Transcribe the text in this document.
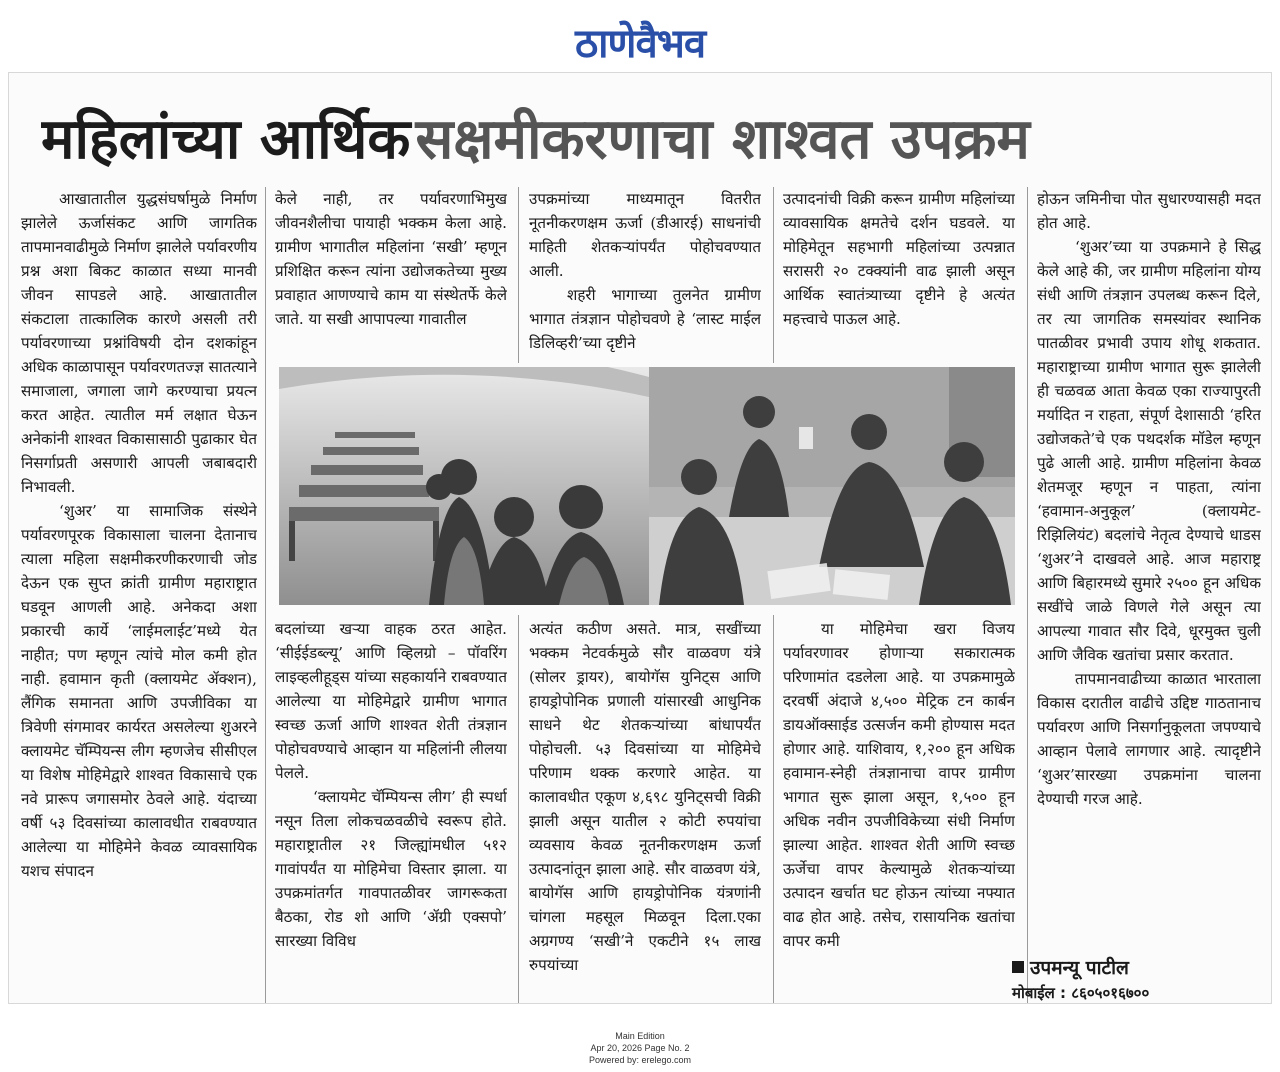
ठाणेवैभव
महिलांच्या आर्थिक सक्षमीकरणाचा शाश्वत उपक्रम

आखातातील युद्धसंघर्षामुळे निर्माण झालेले ऊर्जासंकट आणि जागतिक तापमानवाढीमुळे निर्माण झालेले पर्यावरणीय प्रश्न अशा बिकट काळात सध्या मानवी जीवन सापडले आहे. आखातातील संकटाला तात्कालिक कारणे असली तरी पर्यावरणाच्या प्रश्नांविषयी दोन दशकांहून अधिक काळापासून पर्यावरणतज्ज्ञ सातत्याने समाजाला, जगाला जागे करण्याचा प्रयत्न करत आहेत. त्यातील मर्म लक्षात घेऊन अनेकांनी शाश्वत विकासासाठी पुढाकार घेत निसर्गाप्रती असणारी आपली जबाबदारी निभावली.

‘शुअर’ या सामाजिक संस्थेने पर्यावरणपूरक विकासाला चालना देतानाच त्याला महिला सक्षमीकरणीकरणाची जोड देऊन एक सुप्त क्रांती ग्रामीण महाराष्ट्रात घडवून आणली आहे. अनेकदा अशा प्रकारची कार्ये ‘लाईमलाईट’मध्ये येत नाहीत; पण म्हणून त्यांचे मोल कमी होत नाही. हवामान कृती (क्लायमेट ॲक्शन), लैंगिक समानता आणि उपजीविका या त्रिवेणी संगमावर कार्यरत असलेल्या शुअरने क्लायमेट चॅम्पियन्स लीग म्हणजेच सीसीएल या विशेष मोहिमेद्वारे शाश्वत विकासाचे एक नवे प्रारूप जगासमोर ठेवले आहे. यंदाच्या वर्षी ५३ दिवसांच्या कालावधीत राबवण्यात आलेल्या या मोहिमेने केवळ व्यावसायिक यशच संपादन

केले नाही, तर पर्यावरणाभिमुख जीवनशैलीचा पायाही भक्कम केला आहे. ग्रामीण भागातील महिलांना ‘सखी’ म्हणून प्रशिक्षित करून त्यांना उद्योजकतेच्या मुख्य प्रवाहात आणण्याचे काम या संस्थेतर्फे केले जाते. या सखी आपापल्या गावातील

उपक्रमांच्या माध्यमातून वितरीत नूतनीकरणक्षम ऊर्जा (डीआरई) साधनांची माहिती शेतकऱ्यांपर्यंत पोहोचवण्यात आली.

शहरी भागाच्या तुलनेत ग्रामीण भागात तंत्रज्ञान पोहोचवणे हे ‘लास्ट माईल डिलिव्हरी’च्या दृष्टीने

उत्पादनांची विक्री करून ग्रामीण महिलांच्या व्यावसायिक क्षमतेचे दर्शन घडवले. या मोहिमेतून सहभागी महिलांच्या उत्पन्नात सरासरी २० टक्क्यांनी वाढ झाली असून आर्थिक स्वातंत्र्याच्या दृष्टीने हे अत्यंत महत्त्वाचे पाऊल आहे.

बदलांच्या खऱ्या वाहक ठरत आहेत. ‘सीईईडब्ल्यू’ आणि व्हिलग्रो – पॉवरिंग लाइव्हलीहूड्स यांच्या सहकार्याने राबवण्यात आलेल्या या मोहिमेद्वारे ग्रामीण भागात स्वच्छ ऊर्जा आणि शाश्वत शेती तंत्रज्ञान पोहोचवण्याचे आव्हान या महिलांनी लीलया पेलले.

‘क्लायमेट चॅम्पियन्स लीग’ ही स्पर्धा नसून तिला लोकचळवळीचे स्वरूप होते. महाराष्ट्रातील २१ जिल्ह्यांमधील ५१२ गावांपर्यंत या मोहिमेचा विस्तार झाला. या उपक्रमांतर्गत गावपातळीवर जागरूकता बैठका, रोड शो आणि ‘ॲग्री एक्सपो’ सारख्या विविध

अत्यंत कठीण असते. मात्र, सखींच्या भक्कम नेटवर्कमुळे सौर वाळवण यंत्रे (सोलर ड्रायर), बायोगॅस युनिट्स आणि हायड्रोपोनिक प्रणाली यांसारखी आधुनिक साधने थेट शेतकऱ्यांच्या बांधापर्यंत पोहोचली. ५३ दिवसांच्या या मोहिमेचे परिणाम थक्क करणारे आहेत. या कालावधीत एकूण ४,६९८ युनिट्सची विक्री झाली असून यातील २ कोटी रुपयांचा व्यवसाय केवळ नूतनीकरणक्षम ऊर्जा उत्पादनांतून झाला आहे. सौर वाळवण यंत्रे, बायोगॅस आणि हायड्रोपोनिक यंत्रणांनी चांगला महसूल मिळवून दिला.एका अग्रगण्य ‘सखी’ने एकटीने १५ लाख रुपयांच्या

या मोहिमेचा खरा विजय पर्यावरणावर होणाऱ्या सकारात्मक परिणामांत दडलेला आहे. या उपक्रमामुळे दरवर्षी अंदाजे ४,५०० मेट्रिक टन कार्बन डायऑक्साईड उत्सर्जन कमी होण्यास मदत होणार आहे. याशिवाय, १,२०० हून अधिक हवामान-स्नेही तंत्रज्ञानाचा वापर ग्रामीण भागात सुरू झाला असून, १,५०० हून अधिक नवीन उपजीविकेच्या संधी निर्माण झाल्या आहेत. शाश्वत शेती आणि स्वच्छ ऊर्जेचा वापर केल्यामुळे शेतकऱ्यांच्या उत्पादन खर्चात घट होऊन त्यांच्या नफ्यात वाढ होत आहे. तसेच, रासायनिक खतांचा वापर कमी

होऊन जमिनीचा पोत सुधारण्यासही मदत होत आहे.

‘शुअर’च्या या उपक्रमाने हे सिद्ध केले आहे की, जर ग्रामीण महिलांना योग्य संधी आणि तंत्रज्ञान उपलब्ध करून दिले, तर त्या जागतिक समस्यांवर स्थानिक पातळीवर प्रभावी उपाय शोधू शकतात. महाराष्ट्राच्या ग्रामीण भागात सुरू झालेली ही चळवळ आता केवळ एका राज्यापुरती मर्यादित न राहता, संपूर्ण देशासाठी ‘हरित उद्योजकते’चे एक पथदर्शक मॉडेल म्हणून पुढे आली आहे. ग्रामीण महिलांना केवळ शेतमजूर म्हणून न पाहता, त्यांना ‘हवामान-अनुकूल’ (क्लायमेट-रिझिलियंट) बदलांचे नेतृत्व देण्याचे धाडस ‘शुअर’ने दाखवले आहे. आज महाराष्ट्र आणि बिहारमध्ये सुमारे २५०० हून अधिक सखींचे जाळे विणले गेले असून त्या आपल्या गावात सौर दिवे, धूरमुक्त चुली आणि जैविक खतांचा प्रसार करतात.

तापमानवाढीच्या काळात भारताला विकास दरातील वाढीचे उद्दिष्ट गाठतानाच पर्यावरण आणि निसर्गानुकूलता जपण्याचे आव्हान पेलावे लागणार आहे. त्यादृष्टीने ‘शुअर’सारख्या उपक्रमांना चालना देण्याची गरज आहे.

उपमन्यू पाटील
मोबाईल : ८६०५०१६७००
Main Edition
Apr 20, 2026 Page No. 2
Powered by: erelego.com
